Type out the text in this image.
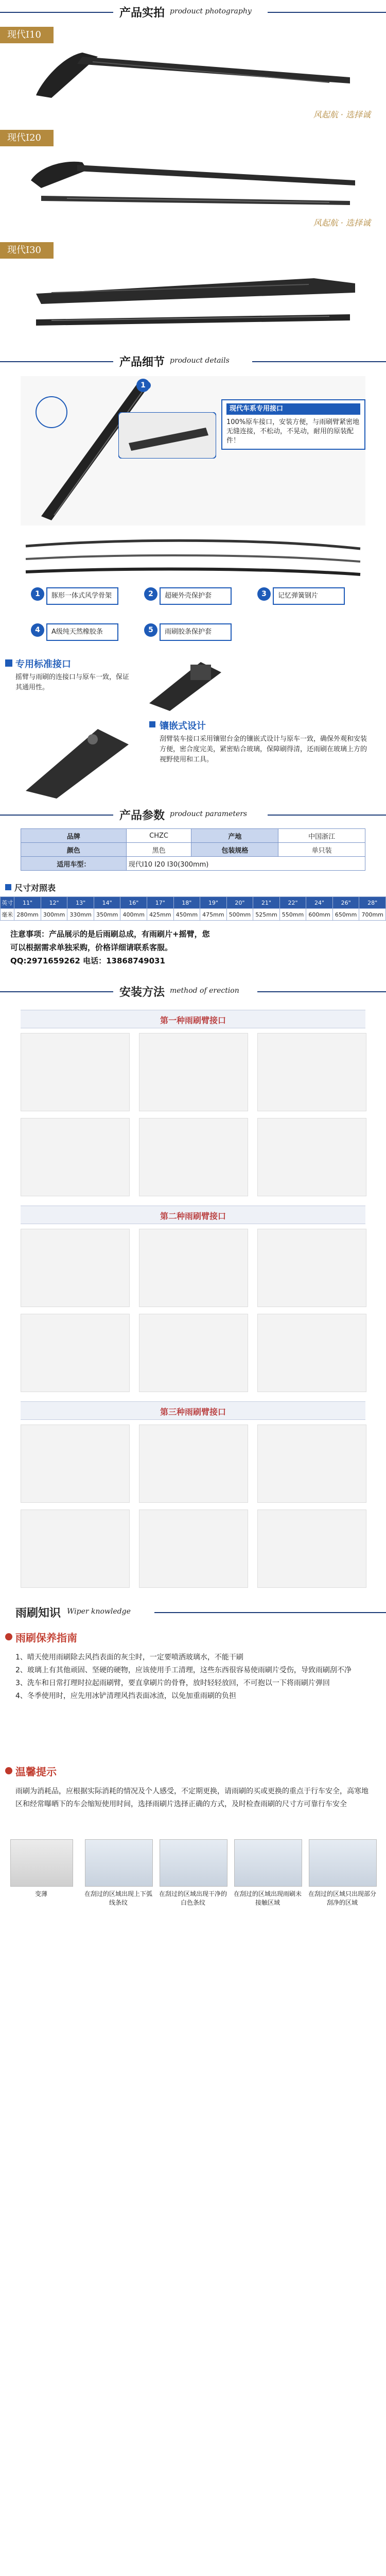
产品实拍 prodouct photography
现代I10
风起航 · 选择诚
现代I20
风起航 · 选择诚
现代I30
产品细节 prodouct details
1
现代车系专用接口
100%原车接口，安装方便，与雨刷臂紧密地无缝连接，不松动，不晃动，耐用的原装配件！
1	豚形一体式风学骨架	2	超硬外壳保护套	3	记忆弹簧钢片
4	A级纯天然橡胶条	5	雨刷胶条保护套
专用标准接口
摇臂与雨刷的连接口与原车一致，保证其通用性。
镶嵌式设计
刮臂装车接口采用镶钳台金的镶嵌式设计与原车一致，确保外观和安装方便，密合度完美，紧密贴合玻璃，保障刷得清，还雨刷在玻璃上方的视野使用和工具。
产品参数 prodouct parameters
品牌	CHZC	产地	中国浙江
颜色	黑色	包装规格	单只装
适用车型：	现代I10 I20 I30(300mm)		
尺寸对照表
英寸	11"	12"	13"	14"	16"	17"	18"	19"	20"	21"	22"	24"	26"	28"
毫米	280mm	300mm	330mm	350mm	400mm	425mm	450mm	475mm	500mm	525mm	550mm	600mm	650mm	700mm
注意事项：产品展示的是后雨刷总成，有雨刷片+摇臂，您
可以根据需求单独采购，价格详细请联系客服。
QQ:2971659262 电话：13868749031
安装方法 method of erection
第一种雨刷臂接口
第二种雨刷臂接口
第三种雨刷臂接口
雨刷知识 Wiper knowledge
雨刷保养指南
1、晴天使用雨刷除去风挡表面的灰尘时，一定要喷洒玻璃水，不能干刷
2、玻璃上有其他顽固、坚硬的硬物，应该使用手工清理，这些东西很容易使雨刷片受伤，导致雨刷刮不净
3、洗车和日常打理时拉起雨刷臂，要直拿刷片的骨脊，放时轻轻放回，不可抱以一下将雨刷片弹回
4、冬季使用时，应先用冰铲清理风挡表面冰渣，以免加重雨刷的负担
温馨提示
雨刷为消耗品，应根据实际消耗的情况及个人感受，不定期更换，请雨刷的买或更换的重点于行车安全，高寒地区和经常曝晒下的车会缩短使用时间，选择雨刷片选择正确的方式，及时检查雨刷的尺寸方可靠行车安全
变薄	在刮过的区域出现上下弧线条纹
在刮过的区域出现干净的白色条纹
在刮过的区域出现雨刷未接触区域
在刮过的区域只出现部分刮净的区域
